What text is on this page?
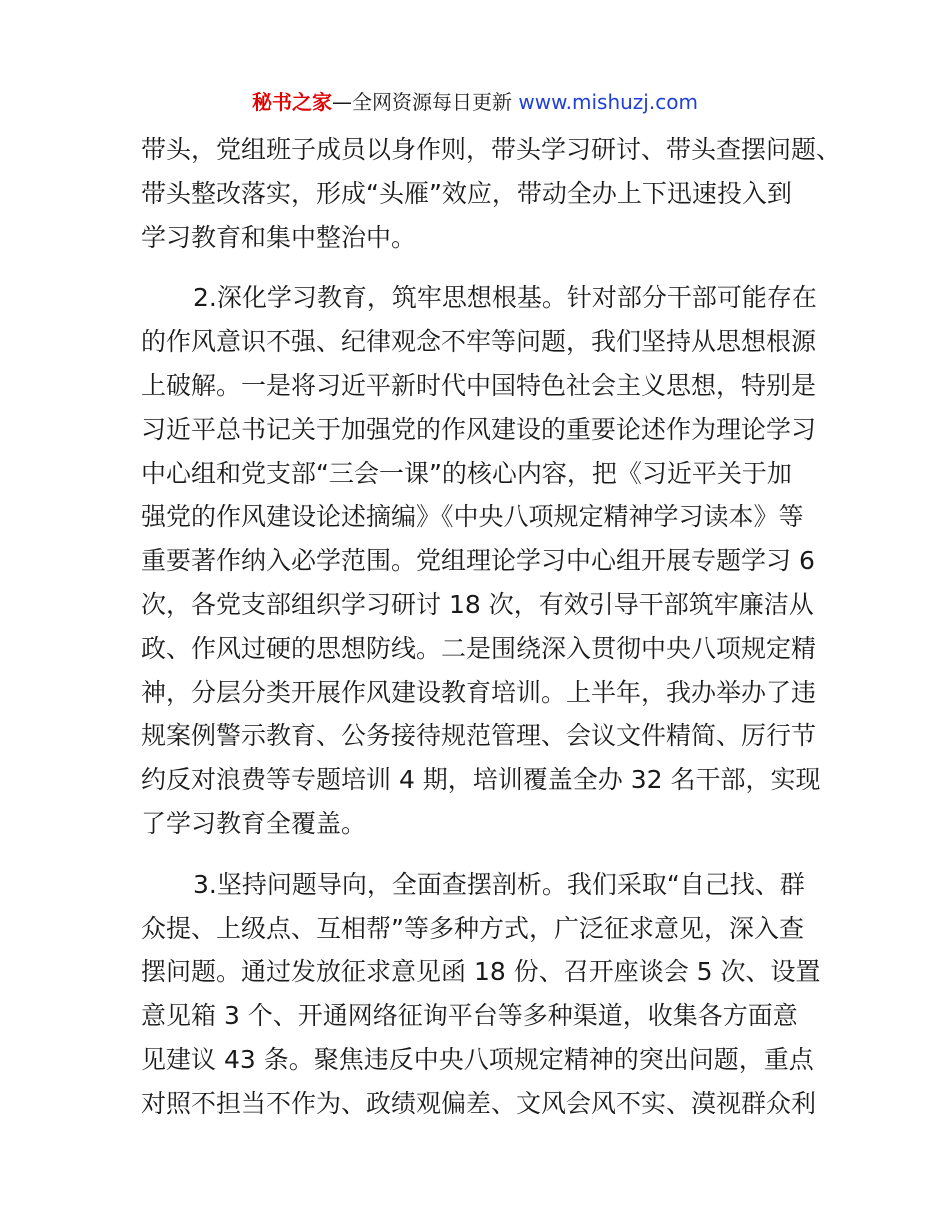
秘书之家—全网资源每日更新 www.mishuzj.com
带头，党组班子成员以身作则，带头学习研讨、带头查摆问题、
带头整改落实，形成“头雁”效应，带动全办上下迅速投入到
学习教育和集中整治中。
2.深化学习教育，筑牢思想根基。针对部分干部可能存在
的作风意识不强、纪律观念不牢等问题，我们坚持从思想根源
上破解。一是将习近平新时代中国特色社会主义思想，特别是
习近平总书记关于加强党的作风建设的重要论述作为理论学习
中心组和党支部“三会一课”的核心内容，把《习近平关于加
强党的作风建设论述摘编》《中央八项规定精神学习读本》等
重要著作纳入必学范围。党组理论学习中心组开展专题学习 6
次，各党支部组织学习研讨 18 次，有效引导干部筑牢廉洁从
政、作风过硬的思想防线。二是围绕深入贯彻中央八项规定精
神，分层分类开展作风建设教育培训。上半年，我办举办了违
规案例警示教育、公务接待规范管理、会议文件精简、厉行节
约反对浪费等专题培训 4 期，培训覆盖全办 32 名干部，实现
了学习教育全覆盖。
3.坚持问题导向，全面查摆剖析。我们采取“自己找、群
众提、上级点、互相帮”等多种方式，广泛征求意见，深入查
摆问题。通过发放征求意见函 18 份、召开座谈会 5 次、设置
意见箱 3 个、开通网络征询平台等多种渠道，收集各方面意
见建议 43 条。聚焦违反中央八项规定精神的突出问题，重点
对照不担当不作为、政绩观偏差、文风会风不实、漠视群众利
